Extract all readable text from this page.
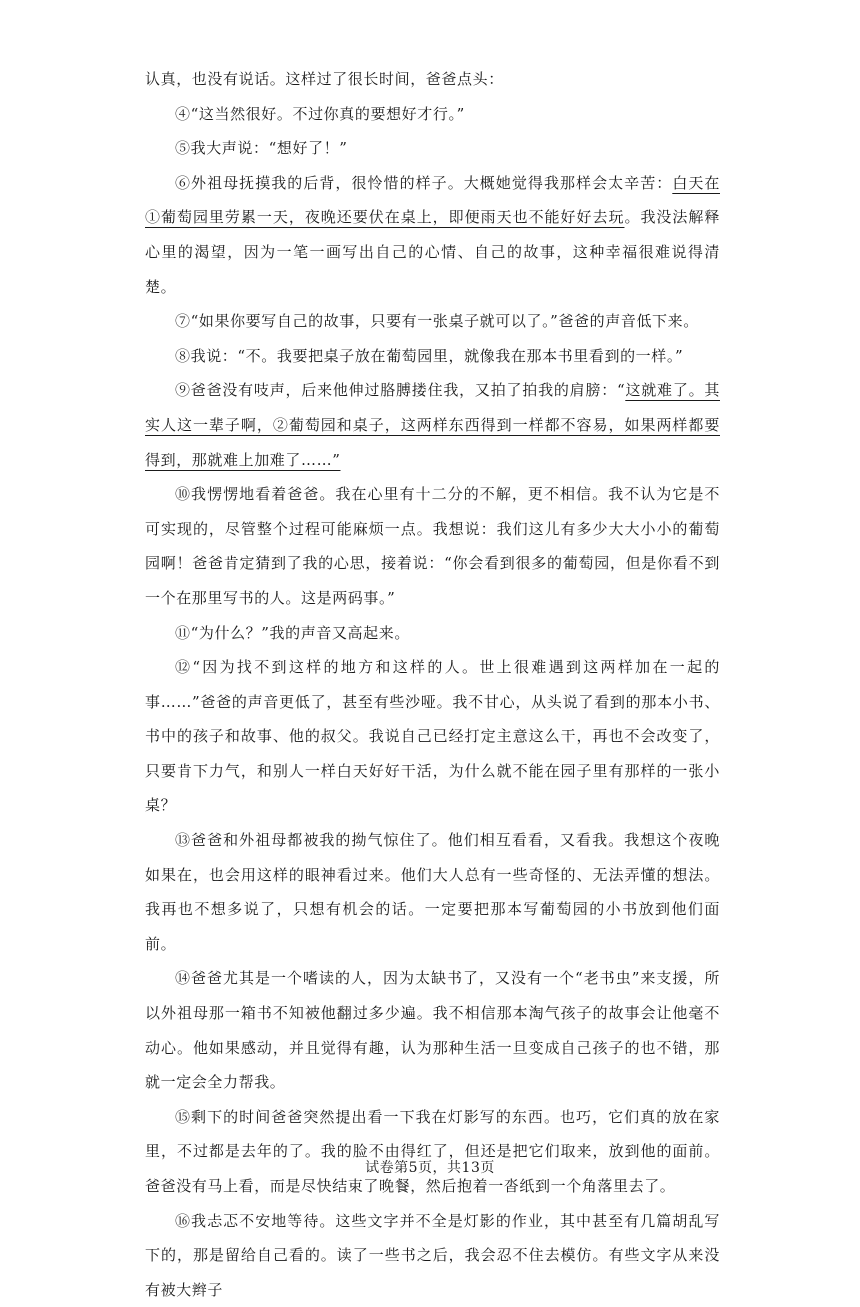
认真，也没有说话。这样过了很长时间，爸爸点头：

④“这当然很好。不过你真的要想好才行。”

⑤我大声说：“想好了！”

⑥外祖母抚摸我的后背，很怜惜的样子。大概她觉得我那样会太辛苦：白天在①葡萄园里劳累一天，夜晚还要伏在桌上，即便雨天也不能好好去玩。我没法解释心里的渴望，因为一笔一画写出自己的心情、自己的故事，这种幸福很难说得清楚。

⑦“如果你要写自己的故事，只要有一张桌子就可以了。”爸爸的声音低下来。

⑧我说：“不。我要把桌子放在葡萄园里，就像我在那本书里看到的一样。”

⑨爸爸没有吱声，后来他伸过胳膊搂住我，又拍了拍我的肩膀：“这就难了。其实人这一辈子啊，②葡萄园和桌子，这两样东西得到一样都不容易，如果两样都要得到，那就难上加难了……”

⑩我愣愣地看着爸爸。我在心里有十二分的不解，更不相信。我不认为它是不可实现的，尽管整个过程可能麻烦一点。我想说：我们这儿有多少大大小小的葡萄园啊！爸爸肯定猜到了我的心思，接着说：“你会看到很多的葡萄园，但是你看不到一个在那里写书的人。这是两码事。”

⑪“为什么？”我的声音又高起来。

⑫“因为找不到这样的地方和这样的人。世上很难遇到这两样加在一起的事……”爸爸的声音更低了，甚至有些沙哑。我不甘心，从头说了看到的那本小书、书中的孩子和故事、他的叔父。我说自己已经打定主意这么干，再也不会改变了，只要肯下力气，和别人一样白天好好干活，为什么就不能在园子里有那样的一张小桌？

⑬爸爸和外祖母都被我的拗气惊住了。他们相互看看，又看我。我想这个夜晚如果在，也会用这样的眼神看过来。他们大人总有一些奇怪的、无法弄懂的想法。我再也不想多说了，只想有机会的话。一定要把那本写葡萄园的小书放到他们面前。

⑭爸爸尤其是一个嗜读的人，因为太缺书了，又没有一个“老书虫”来支援，所以外祖母那一箱书不知被他翻过多少遍。我不相信那本淘气孩子的故事会让他毫不动心。他如果感动，并且觉得有趣，认为那种生活一旦变成自己孩子的也不错，那就一定会全力帮我。

⑮剩下的时间爸爸突然提出看一下我在灯影写的东西。也巧，它们真的放在家里，不过都是去年的了。我的脸不由得红了，但还是把它们取来，放到他的面前。爸爸没有马上看，而是尽快结束了晚餐，然后抱着一沓纸到一个角落里去了。

⑯我忐忑不安地等待。这些文字并不全是灯影的作业，其中甚至有几篇胡乱写下的，那是留给自己看的。读了一些书之后，我会忍不住去模仿。有些文字从来没有被大辫子

试卷第5页，共13页
